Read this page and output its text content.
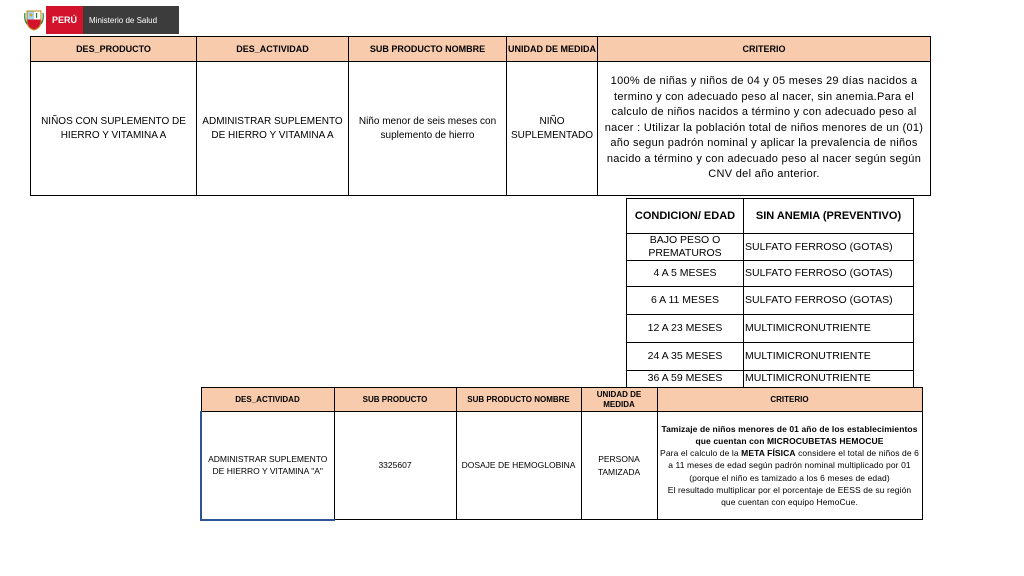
PERÚ	Ministerio de Salud
DES_PRODUCTO	DES_ACTIVIDAD	SUB PRODUCTO NOMBRE	UNIDAD DE MEDIDA	CRITERIO
NIÑOS CON SUPLEMENTO DE HIERRO Y VITAMINA A	ADMINISTRAR SUPLEMENTO DE HIERRO Y VITAMINA A	Niño menor de seis meses con suplemento de hierro	NIÑO SUPLEMENTADO	100% de niñas y niños de 04 y 05 meses 29 días nacidos a termino y con adecuado peso al nacer, sin anemia.Para el calculo de niños nacidos a término y con adecuado peso al nacer : Utilizar la población total de niños menores de un (01) año segun padrón nominal y aplicar la prevalencia de niños nacido a término y con adecuado peso al nacer según según CNV del año anterior.
CONDICION/ EDAD	SIN ANEMIA (PREVENTIVO)
BAJO PESO O PREMATUROS	SULFATO FERROSO (GOTAS)
4 A 5 MESES	SULFATO FERROSO (GOTAS)
6 A 11 MESES	SULFATO FERROSO (GOTAS)
12 A 23 MESES	MULTIMICRONUTRIENTE
24 A 35 MESES	MULTIMICRONUTRIENTE
36 A 59 MESES	MULTIMICRONUTRIENTE
DES_ACTIVIDAD	SUB PRODUCTO	SUB PRODUCTO NOMBRE	UNIDAD DE MEDIDA	CRITERIO
ADMINISTRAR SUPLEMENTO DE HIERRO Y VITAMINA "A"	3325607	DOSAJE DE HEMOGLOBINA	PERSONA TAMIZADA	Tamizaje de niños menores de 01 año de los establecimientos que cuentan con MICROCUBETAS HEMOCUE
Para el calculo de la META FÍSICA considere el total de niños de 6 a 11 meses de edad según padrón nominal multiplicado por 01 (porque el niño es tamizado a los 6 meses de edad)
El resultado multiplicar por el porcentaje de EESS de su región que cuentan con equipo HemoCue.
